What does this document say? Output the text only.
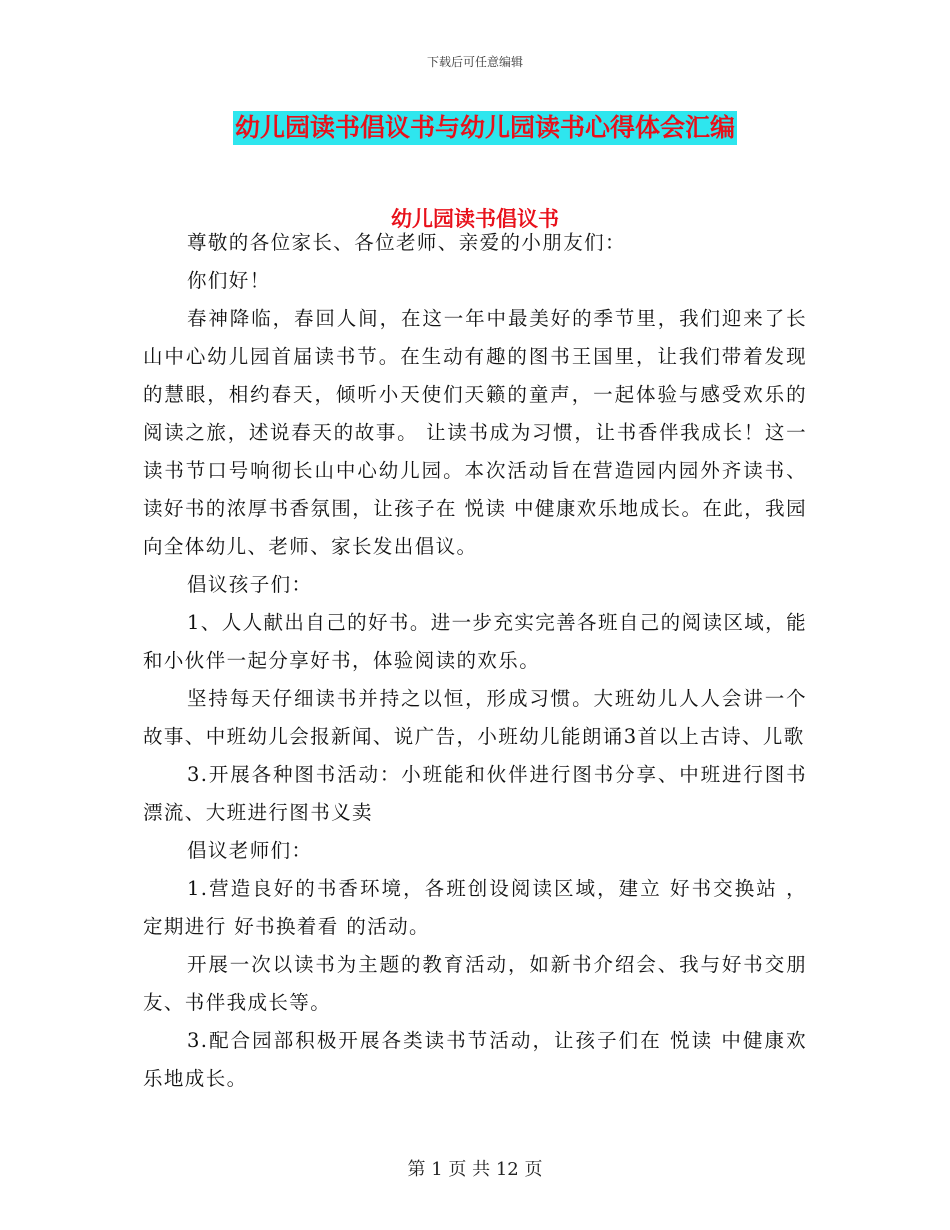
下载后可任意编辑
幼儿园读书倡议书与幼儿园读书心得体会汇编
幼儿园读书倡议书

尊敬的各位家长、各位老师、亲爱的小朋友们：

你们好！

春神降临，春回人间，在这一年中最美好的季节里，我们迎来了长山中心幼儿园首届读书节。在生动有趣的图书王国里，让我们带着发现的慧眼，相约春天，倾听小天使们天籁的童声，一起体验与感受欢乐的阅读之旅，述说春天的故事。 让读书成为习惯，让书香伴我成长！这一读书节口号响彻长山中心幼儿园。本次活动旨在营造园内园外齐读书、读好书的浓厚书香氛围，让孩子在 悦读 中健康欢乐地成长。在此，我园向全体幼儿、老师、家长发出倡议。

倡议孩子们：

1、人人献出自己的好书。进一步充实完善各班自己的阅读区域，能和小伙伴一起分享好书，体验阅读的欢乐。

坚持每天仔细读书并持之以恒，形成习惯。大班幼儿人人会讲一个故事、中班幼儿会报新闻、说广告，小班幼儿能朗诵3首以上古诗、儿歌

3.开展各种图书活动：小班能和伙伴进行图书分享、中班进行图书漂流、大班进行图书义卖

倡议老师们：

1.营造良好的书香环境，各班创设阅读区域，建立 好书交换站 ，定期进行 好书换着看 的活动。

开展一次以读书为主题的教育活动，如新书介绍会、我与好书交朋友、书伴我成长等。

3.配合园部积极开展各类读书节活动，让孩子们在 悦读 中健康欢乐地成长。

第 1 页 共 12 页
